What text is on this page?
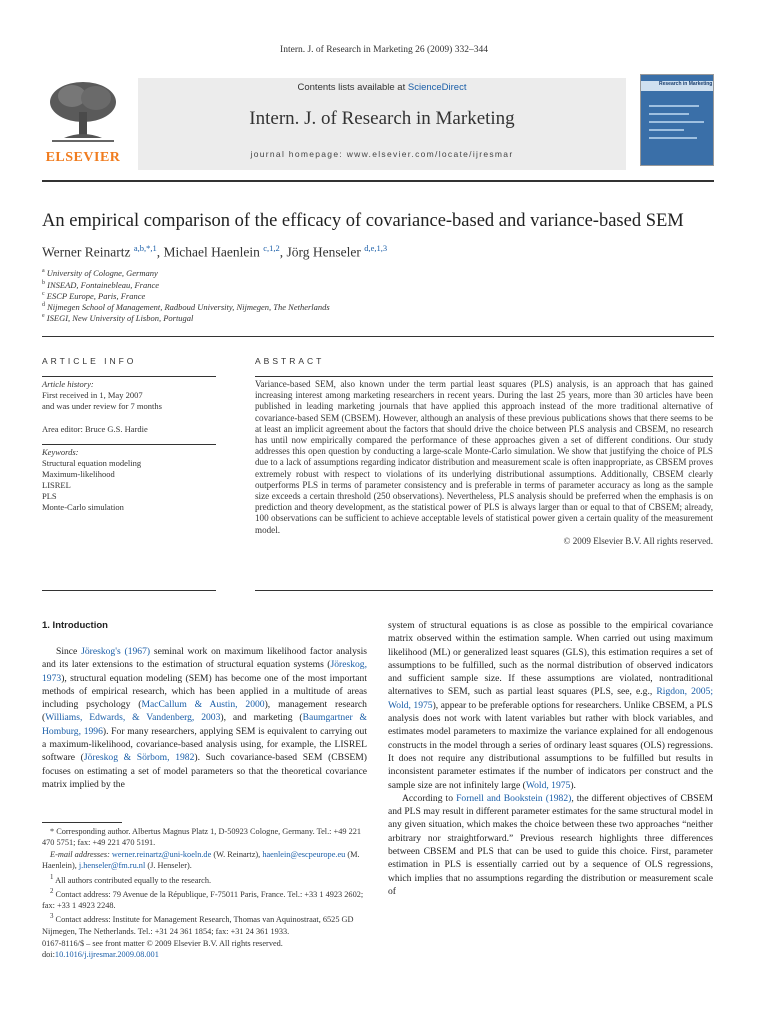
Intern. J. of Research in Marketing 26 (2009) 332–344
ELSEVIER
Contents lists available at ScienceDirect
Intern. J. of Research in Marketing
journal homepage: www.elsevier.com/locate/ijresmar
Research in Marketing
An empirical comparison of the efficacy of covariance-based and variance-based SEM
Werner Reinartz $^{a,b,*,1}$, Michael Haenlein $^{c,1,2}$, Jörg Henseler $^{d,e,1,3}$
$^a$ University of Cologne, Germany
$^b$ INSEAD, Fontainebleau, France
$^c$ ESCP Europe, Paris, France
$^d$ Nijmegen School of Management, Radboud University, Nijmegen, The Netherlands
$^e$ ISEGI, New University of Lisbon, Portugal
ARTICLE INFO
Article history:
First received in 1, May 2007
and was under review for 7 months
Area editor: Bruce G.S. Hardie
Keywords:
Structural equation modeling
Maximum-likelihood
LISREL
PLS
Monte-Carlo simulation
ABSTRACT
Variance-based SEM, also known under the term partial least squares (PLS) analysis, is an approach that has gained increasing interest among marketing researchers in recent years. During the last 25 years, more than 30 articles have been published in leading marketing journals that have applied this approach instead of the more traditional alternative of covariance-based SEM (CBSEM). However, although an analysis of these previous publications shows that there seems to be at least an implicit agreement about the factors that should drive the choice between PLS analysis and CBSEM, no research has until now empirically compared the performance of these approaches given a set of different conditions. Our study addresses this open question by conducting a large-scale Monte-Carlo simulation. We show that justifying the choice of PLS due to a lack of assumptions regarding indicator distribution and measurement scale is often inappropriate, as CBSEM proves extremely robust with respect to violations of its underlying distributional assumptions. Additionally, CBSEM clearly outperforms PLS in terms of parameter consistency and is preferable in terms of parameter accuracy as long as the sample size exceeds a certain threshold (250 observations). Nevertheless, PLS analysis should be preferred when the emphasis is on prediction and theory development, as the statistical power of PLS is always larger than or equal to that of CBSEM; already, 100 observations can be sufficient to achieve acceptable levels of statistical power given a certain quality of the measurement model.
© 2009 Elsevier B.V. All rights reserved.
1. Introduction

Since Jöreskog's (1967) seminal work on maximum likelihood factor analysis and its later extensions to the estimation of structural equation systems (Jöreskog, 1973), structural equation modeling (SEM) has become one of the most important methods of empirical research, which has been applied in a multitude of areas including psychology (MacCallum & Austin, 2000), management research (Williams, Edwards, & Vandenberg, 2003), and marketing (Baumgartner & Homburg, 1996). For many researchers, applying SEM is equivalent to carrying out a maximum-likelihood, covariance-based analysis using, for example, the LISREL software (Jöreskog & Sörbom, 1982). Such covariance-based SEM (CBSEM) focuses on estimating a set of model parameters so that the theoretical covariance matrix implied by the

system of structural equations is as close as possible to the empirical covariance matrix observed within the estimation sample. When carried out using maximum likelihood (ML) or generalized least squares (GLS), this estimation requires a set of assumptions to be fulfilled, such as the normal distribution of observed indicators and sufficient sample size. If these assumptions are violated, nontraditional alternatives to SEM, such as partial least squares (PLS, see, e.g., Rigdon, 2005; Wold, 1975), appear to be preferable options for researchers. Unlike CBSEM, a PLS analysis does not work with latent variables but rather with block variables, and estimates model parameters to maximize the variance explained for all endogenous constructs in the model through a series of ordinary least squares (OLS) regressions. It does not require any distributional assumptions to be fulfilled but results in inconsistent parameter estimates if the number of indicators per construct and the sample size are not infinitely large (Wold, 1975).

According to Fornell and Bookstein (1982), the different objectives of CBSEM and PLS may result in different parameter estimates for the same structural model in any given situation, which makes the choice between these two approaches “neither arbitrary nor straightforward.” Previous research highlights three differences between CBSEM and PLS that can be used to guide this choice. First, parameter estimation in PLS is essentially carried out by a sequence of OLS regressions, which implies that no assumptions regarding the distribution or measurement scale of

* Corresponding author. Albertus Magnus Platz 1, D-50923 Cologne, Germany. Tel.: +49 221 470 5751; fax: +49 221 470 5191.
E-mail addresses: werner.reinartz@uni-koeln.de (W. Reinartz), haenlein@escpeurope.eu (M. Haenlein), j.henseler@fm.ru.nl (J. Henseler).
$^1$ All authors contributed equally to the research.
$^2$ Contact address: 79 Avenue de la République, F-75011 Paris, France. Tel.: +33 1 4923 2602; fax: +33 1 4923 2248.
$^3$ Contact address: Institute for Management Research, Thomas van Aquinostraat, 6525 GD Nijmegen, The Netherlands. Tel.: +31 24 361 1854; fax: +31 24 361 1933.
0167-8116/$ – see front matter © 2009 Elsevier B.V. All rights reserved.
doi:10.1016/j.ijresmar.2009.08.001
